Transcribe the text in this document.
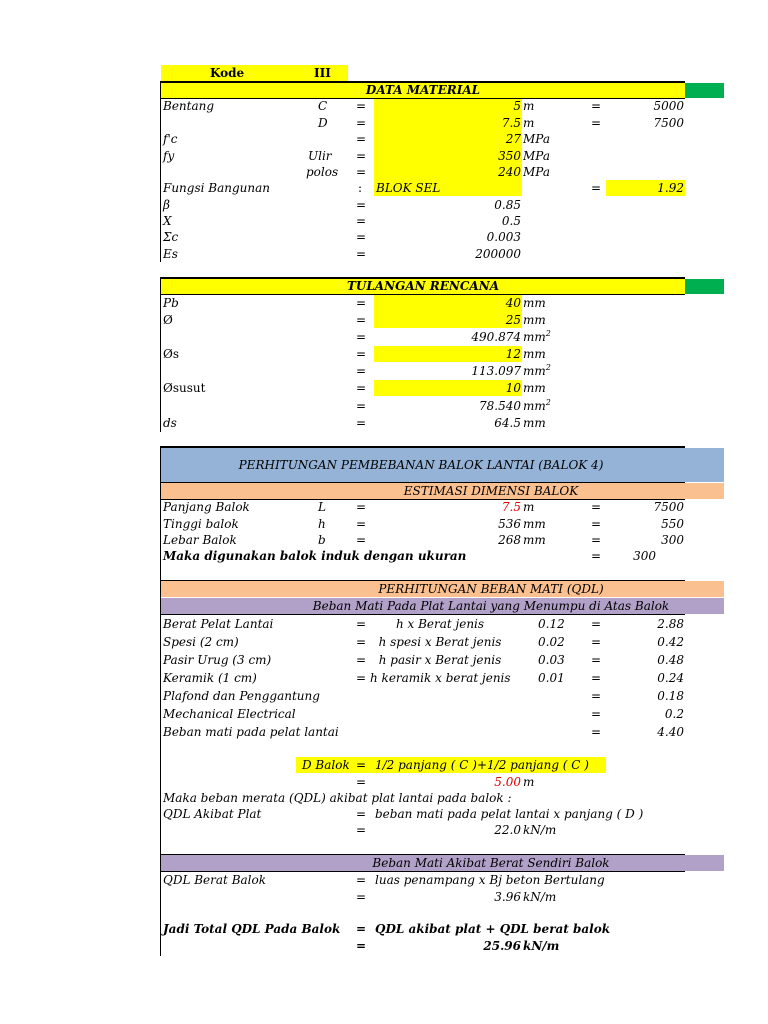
Kode	III
DATA MATERIAL
Bentang	C =	5 m	=	5000
D =	7.5 m	=	7500
f'c	=	27 MPa
fy	Ulir =	350 MPa
polos =	240 MPa
Fungsi Bangunan	: BLOK SEL	=	1.92
β	=	0.85
X	=	0.5
Σc	=	0.003
Es	=	200000
TULANGAN RENCANA
Pb	=	40 mm
Ø	=	25 mm
=	490.874 $mm^2$
Øs	=	12 mm
=	113.097 $mm^2$
Øsusut	=	10 mm
=	78.540 $mm^2$
ds	=	64.5 mm
PERHITUNGAN PEMBEBANAN BALOK LANTAI (BALOK 4)
ESTIMASI DIMENSI BALOK
Panjang Balok	L	=	7.5 m	=	7500
Tinggi balok	h	=	536 mm	=	550
Lebar Balok	b	=	268 mm	=	300
Maka digunakan balok induk dengan ukuran	=	300
PERHITUNGAN BEBAN MATI (QDL)
Beban Mati Pada Plat Lantai yang Menumpu di Atas Balok
Berat Pelat Lantai	=	h x Berat jenis	0.12 =	2.88
Spesi (2 cm)	=	h spesi x Berat jenis	0.02 =	0.42
Pasir Urug (3 cm)	=	h pasir x Berat jenis	0.03 =	0.48
Keramik (1 cm)	= h keramik x berat jenis 0.01 =	0.24
Plafond dan Penggantung	=	0.18
Mechanical Electrical	=	0.2
Beban mati pada pelat lantai	=	4.40
D Balok = 1/2 panjang ( C )+1/2 panjang ( C )
=	5.00 m
Maka beban merata (QDL) akibat plat lantai pada balok :
QDL Akibat Plat	= beban mati pada pelat lantai x panjang ( D )
=	22.0 kN/m
Beban Mati Akibat Berat Sendiri Balok
QDL Berat Balok	= luas penampang x Bj beton Bertulang
=	3.96 kN/m
Jadi Total QDL Pada Balok = QDL akibat plat + QDL berat balok
=	25.96 kN/m
